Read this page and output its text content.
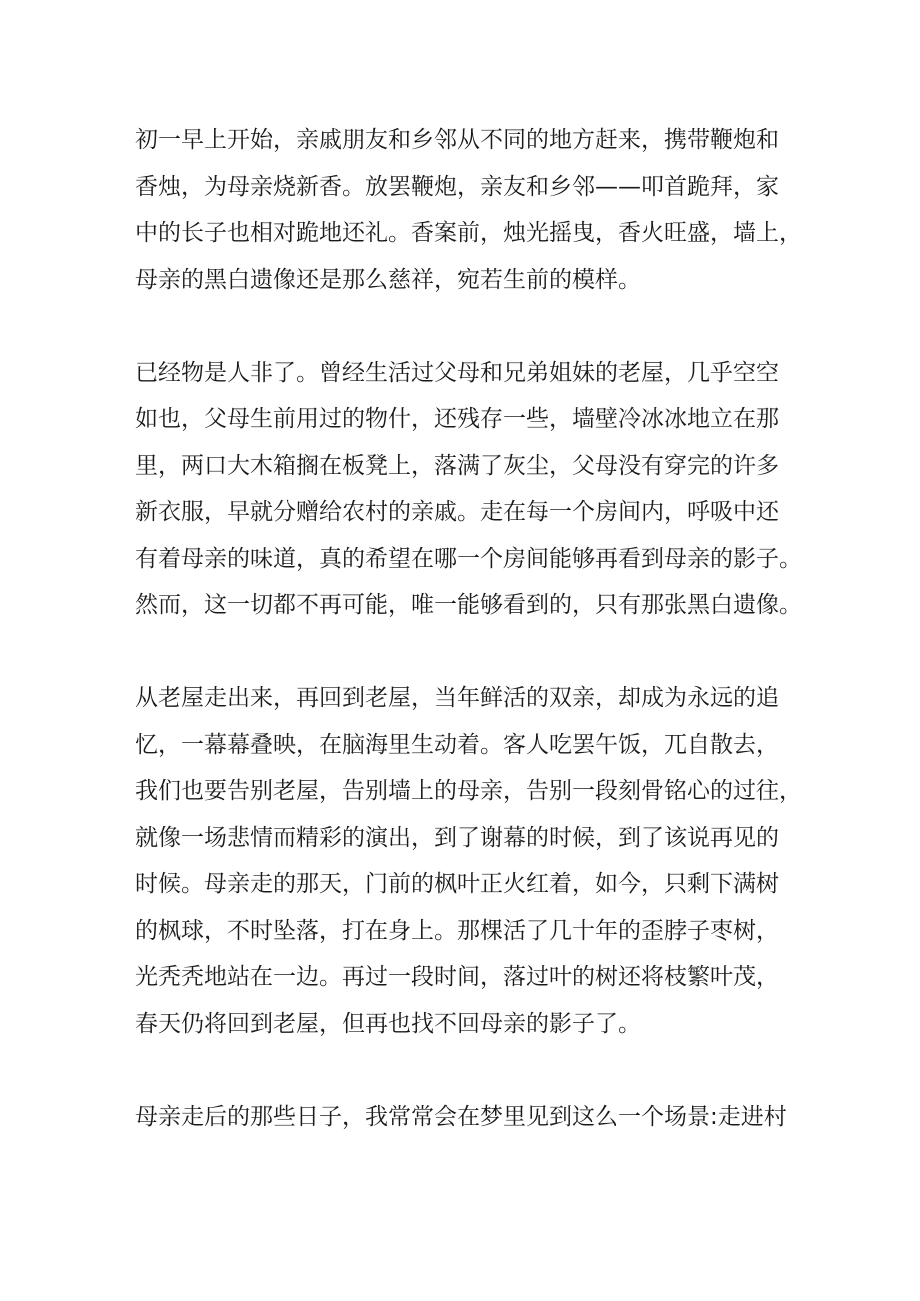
初一早上开始，亲戚朋友和乡邻从不同的地方赶来，携带鞭炮和
香烛，为母亲烧新香。放罢鞭炮，亲友和乡邻——叩首跪拜，家
中的长子也相对跪地还礼。香案前，烛光摇曳，香火旺盛，墙上，
母亲的黑白遗像还是那么慈祥，宛若生前的模样。

已经物是人非了。曾经生活过父母和兄弟姐妹的老屋，几乎空空
如也，父母生前用过的物什，还残存一些，墙壁冷冰冰地立在那
里，两口大木箱搁在板凳上，落满了灰尘，父母没有穿完的许多
新衣服，早就分赠给农村的亲戚。走在每一个房间内，呼吸中还
有着母亲的味道，真的希望在哪一个房间能够再看到母亲的影子。
然而，这一切都不再可能，唯一能够看到的，只有那张黑白遗像。

从老屋走出来，再回到老屋，当年鲜活的双亲，却成为永远的追
忆，一幕幕叠映，在脑海里生动着。客人吃罢午饭，兀自散去，
我们也要告别老屋，告别墙上的母亲，告别一段刻骨铭心的过往，
就像一场悲情而精彩的演出，到了谢幕的时候，到了该说再见的
时候。母亲走的那天，门前的枫叶正火红着，如今，只剩下满树
的枫球，不时坠落，打在身上。那棵活了几十年的歪脖子枣树，
光秃秃地站在一边。再过一段时间，落过叶的树还将枝繁叶茂，
春天仍将回到老屋，但再也找不回母亲的影子了。

母亲走后的那些日子，我常常会在梦里见到这么一个场景:走进村
